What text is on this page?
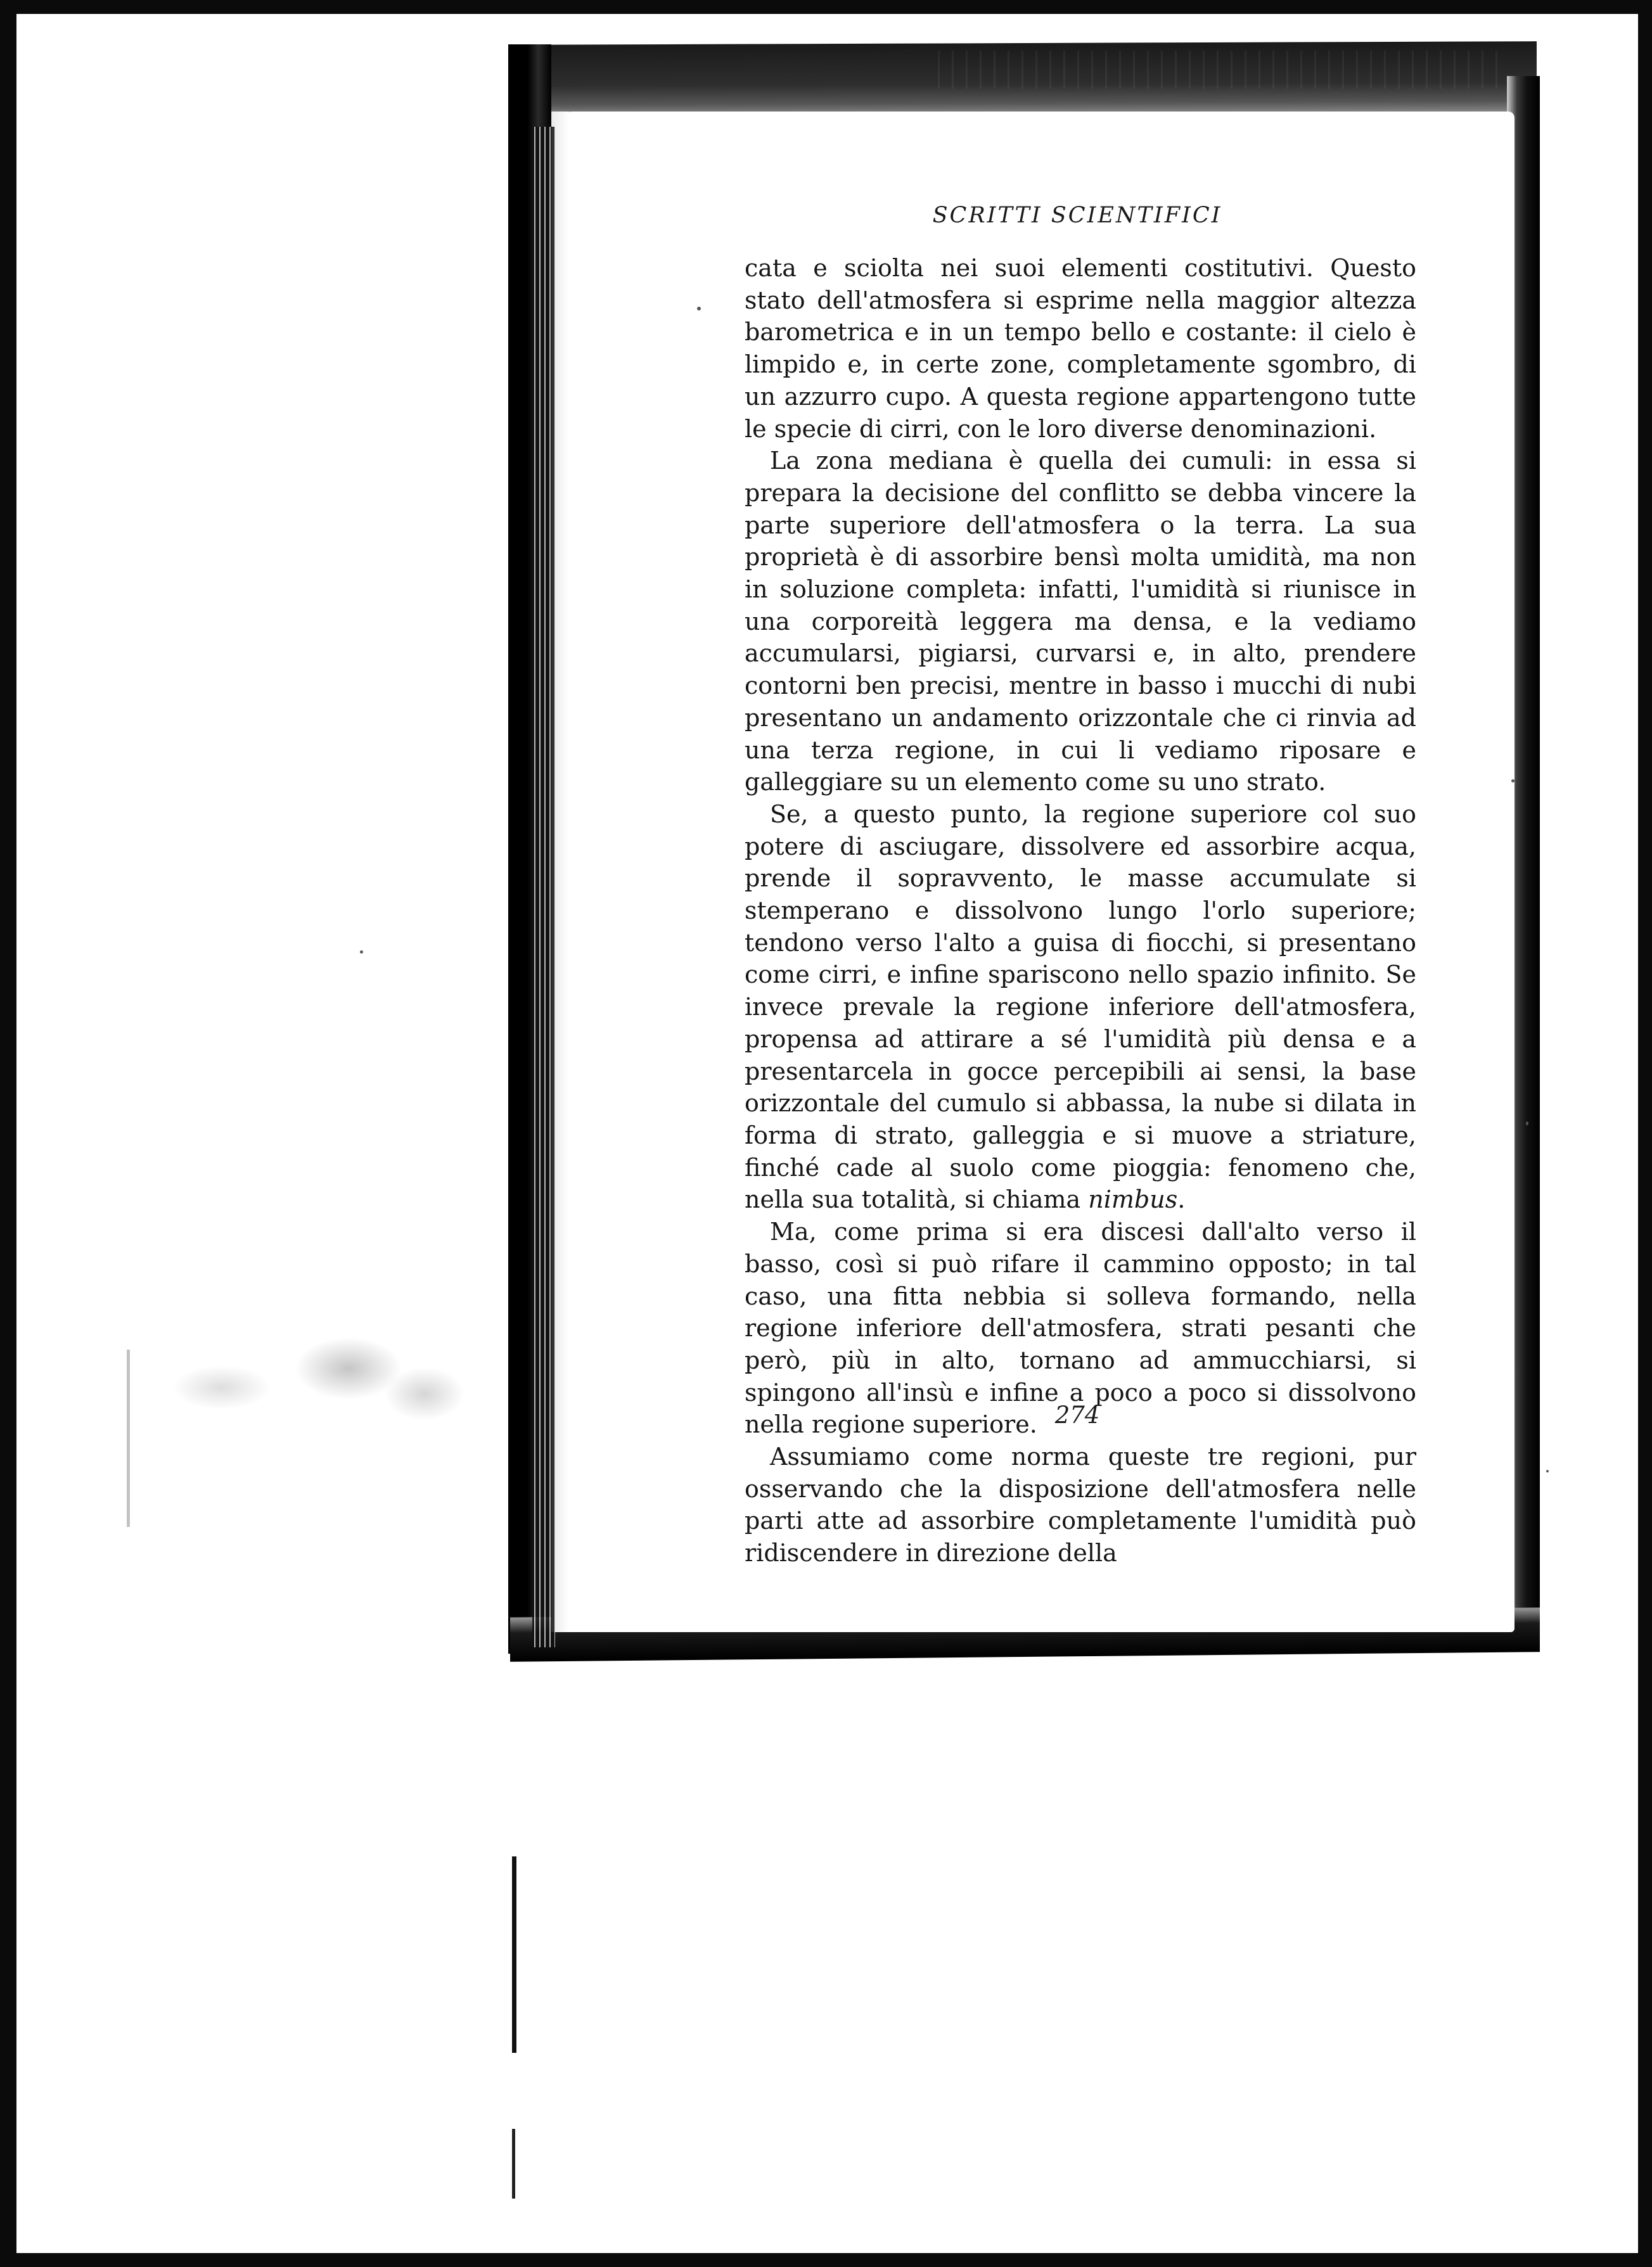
SCRITTI SCIENTIFICI

cata e sciolta nei suoi elementi costitutivi. Questo stato dell'atmosfera si esprime nella maggior altezza barometrica e in un tempo bello e costante: il cielo è limpido e, in certe zone, completamente sgombro, di un azzurro cupo. A questa regione appartengono tutte le specie di cirri, con le loro diverse denominazioni.

La zona mediana è quella dei cumuli: in essa si prepara la decisione del conflitto se debba vincere la parte superiore dell'atmosfera o la terra. La sua proprietà è di assorbire bensì molta umidità, ma non in soluzione completa: infatti, l'umidità si riunisce in una corporeità leggera ma densa, e la vediamo accumularsi, pigiarsi, curvarsi e, in alto, prendere contorni ben precisi, mentre in basso i mucchi di nubi presentano un andamento orizzontale che ci rinvia ad una terza regione, in cui li vediamo riposare e galleggiare su un elemento come su uno strato.

Se, a questo punto, la regione superiore col suo potere di asciugare, dissolvere ed assorbire acqua, prende il sopravvento, le masse accumulate si stemperano e dissolvono lungo l'orlo superiore; tendono verso l'alto a guisa di fiocchi, si presentano come cirri, e infine spariscono nello spazio infinito. Se invece prevale la regione inferiore dell'atmosfera, propensa ad attirare a sé l'umidità più densa e a presentarcela in gocce percepibili ai sensi, la base orizzontale del cumulo si abbassa, la nube si dilata in forma di strato, galleggia e si muove a striature, finché cade al suolo come pioggia: fenomeno che, nella sua totalità, si chiama nimbus.

Ma, come prima si era discesi dall'alto verso il basso, così si può rifare il cammino opposto; in tal caso, una fitta nebbia si solleva formando, nella regione inferiore dell'atmosfera, strati pesanti che però, più in alto, tornano ad ammucchiarsi, si spingono all'insù e infine a poco a poco si dissolvono nella regione superiore.

Assumiamo come norma queste tre regioni, pur osservando che la disposizione dell'atmosfera nelle parti atte ad assorbire completamente l'umidità può ridiscendere in direzione della

274
